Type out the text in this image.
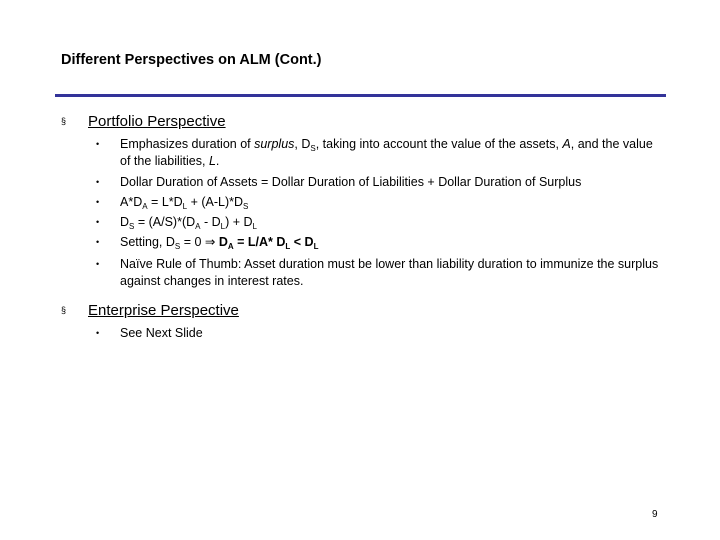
Different Perspectives on ALM (Cont.)
§ Portfolio Perspective
• Emphasizes duration of surplus, $D_S$, taking into account the value of the assets, A, and the value of the liabilities, L.
• Dollar Duration of Assets = Dollar Duration of Liabilities + Dollar Duration of Surplus
• $A*D_A = L*D_L + (A-L)*D_S$
• $D_S = (A/S)*(D_A - D_L) + D_L$
• Setting, $D_S = 0$ ⇒ $D_A = L/A*$ $D_L < D_L$
• Naïve Rule of Thumb: Asset duration must be lower than liability duration to immunize the surplus against changes in interest rates.
§ Enterprise Perspective
• See Next Slide
9
